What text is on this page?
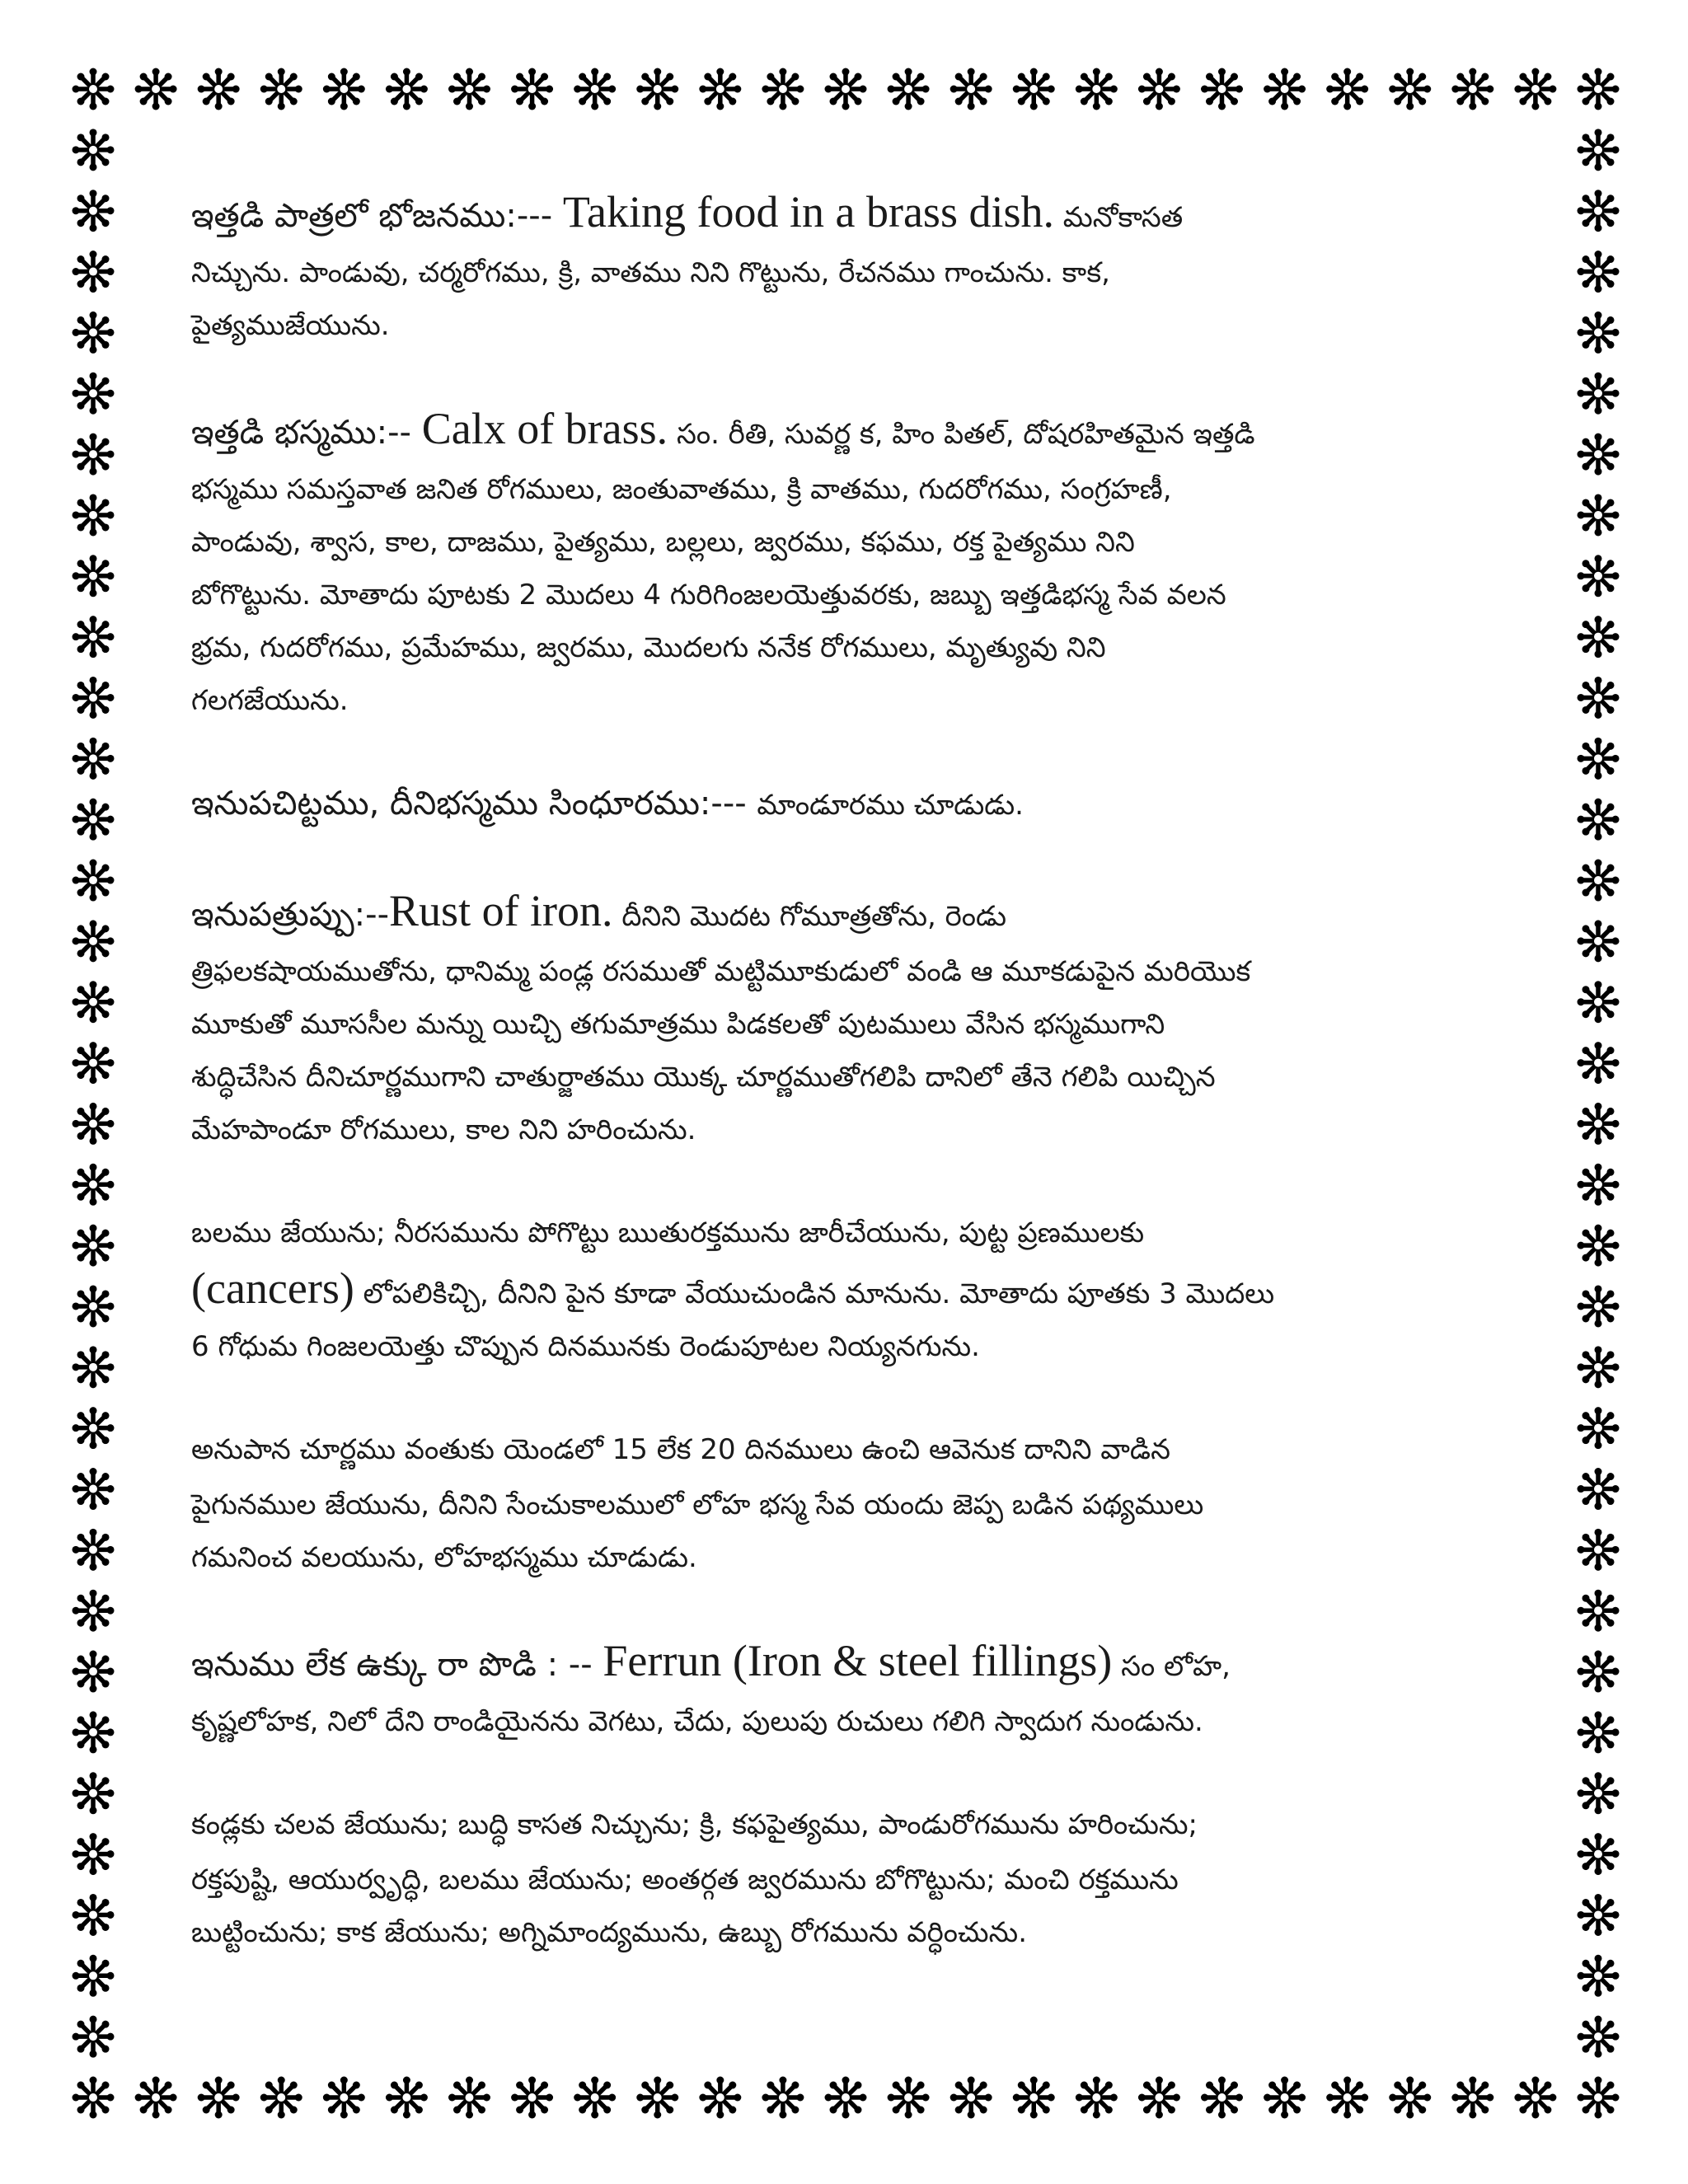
ఇత్తడి పాత్రలో భోజనము:--- Taking food in a brass dish. మనోకాసత
నిచ్చును. పాండువు, చర్మరోగము, క్రి, వాతము నిని గొట్టును, రేచనము గాంచును. కాక,
పైత్యముజేయును.
ఇత్తడి భస్మము:-- Calx of brass. సం. రీతి, సువర్ణ క, హిం పితల్, దోషరహితమైన ఇత్తడి
భస్మము సమస్తవాత జనిత రోగములు, జంతువాతము, క్రి వాతము, గుదరోగము, సంగ్రహణీ,
పాండువు, శ్వాస, కాల, దాజము, పైత్యము, బల్లలు, జ్వరము, కఫము, రక్త పైత్యము నిని
బోగొట్టును. మోతాదు పూటకు 2 మొదలు 4 గురిగింజలయెత్తువరకు, జబ్బు ఇత్తడిభస్మ సేవ వలన
భ్రమ, గుదరోగము, ప్రమేహము, జ్వరము, మొదలగు ననేక రోగములు, మృత్యువు నిని
గలగజేయును.
ఇనుపచిట్టము, దీనిభస్మము సింధూరము:--- మాండూరము చూడుడు.
ఇనుపత్రుప్పు:--Rust of iron. దీనిని మొదట గోమూత్రతోను, రెండు
త్రిఫలకషాయముతోను, ధానిమ్మ పండ్ల రసముతో మట్టిమూకుడులో వండి ఆ మూకడుపైన మరియొక
మూకుతో మూససీల మన్ను యిచ్చి తగుమాత్రము పిడకలతో పుటములు వేసిన భస్మముగాని
శుద్ధిచేసిన దీనిచూర్ణముగాని చాతుర్జాతము యొక్క చూర్ణముతోగలిపి దానిలో తేనె గలిపి యిచ్చిన
మేహపాండూ రోగములు, కాల నిని హరించును.
బలము జేయును; నీరసమును పోగొట్టు ఋతురక్తమును జారీచేయును, పుట్ట ప్రణములకు
(cancers) లోపలికిచ్చి, దీనిని పైన కూడా వేయుచుండిన మానును. మోతాదు పూతకు 3 మొదలు
6 గోధుమ గింజలయెత్తు చొప్పున దినమునకు రెండుపూటల నియ్యనగును.
అనుపాన చూర్ణము వంతుకు యెండలో 15 లేక 20 దినములు ఉంచి ఆవెనుక దానిని వాడిన
పైగునముల జేయును, దీనిని సేంచుకాలములో లోహ భస్మ సేవ యందు జెప్ప బడిన పథ్యములు
గమనించ వలయును, లోహభస్మము చూడుడు.
ఇనుము లేక ఉక్కు రా పొడి : -- Ferrun (Iron & steel fillings) సం లోహ,
కృష్ణలోహక, నిలో దేని రాండియైనను వెగటు, చేదు, పులుపు రుచులు గలిగి స్వాదుగ నుండును.
కండ్లకు చలవ జేయును; బుద్ధి కాసత నిచ్చును; క్రి, కఫపైత్యము, పాండురోగమును హరించును;
రక్తపుష్టి, ఆయుర్వృద్ధి, బలము జేయును; అంతర్గత జ్వరమును బోగొట్టును; మంచి రక్తమును
బుట్టించును; కాక జేయును; అగ్నిమాంద్యమును, ఉబ్బు రోగమును వర్ధించును.
